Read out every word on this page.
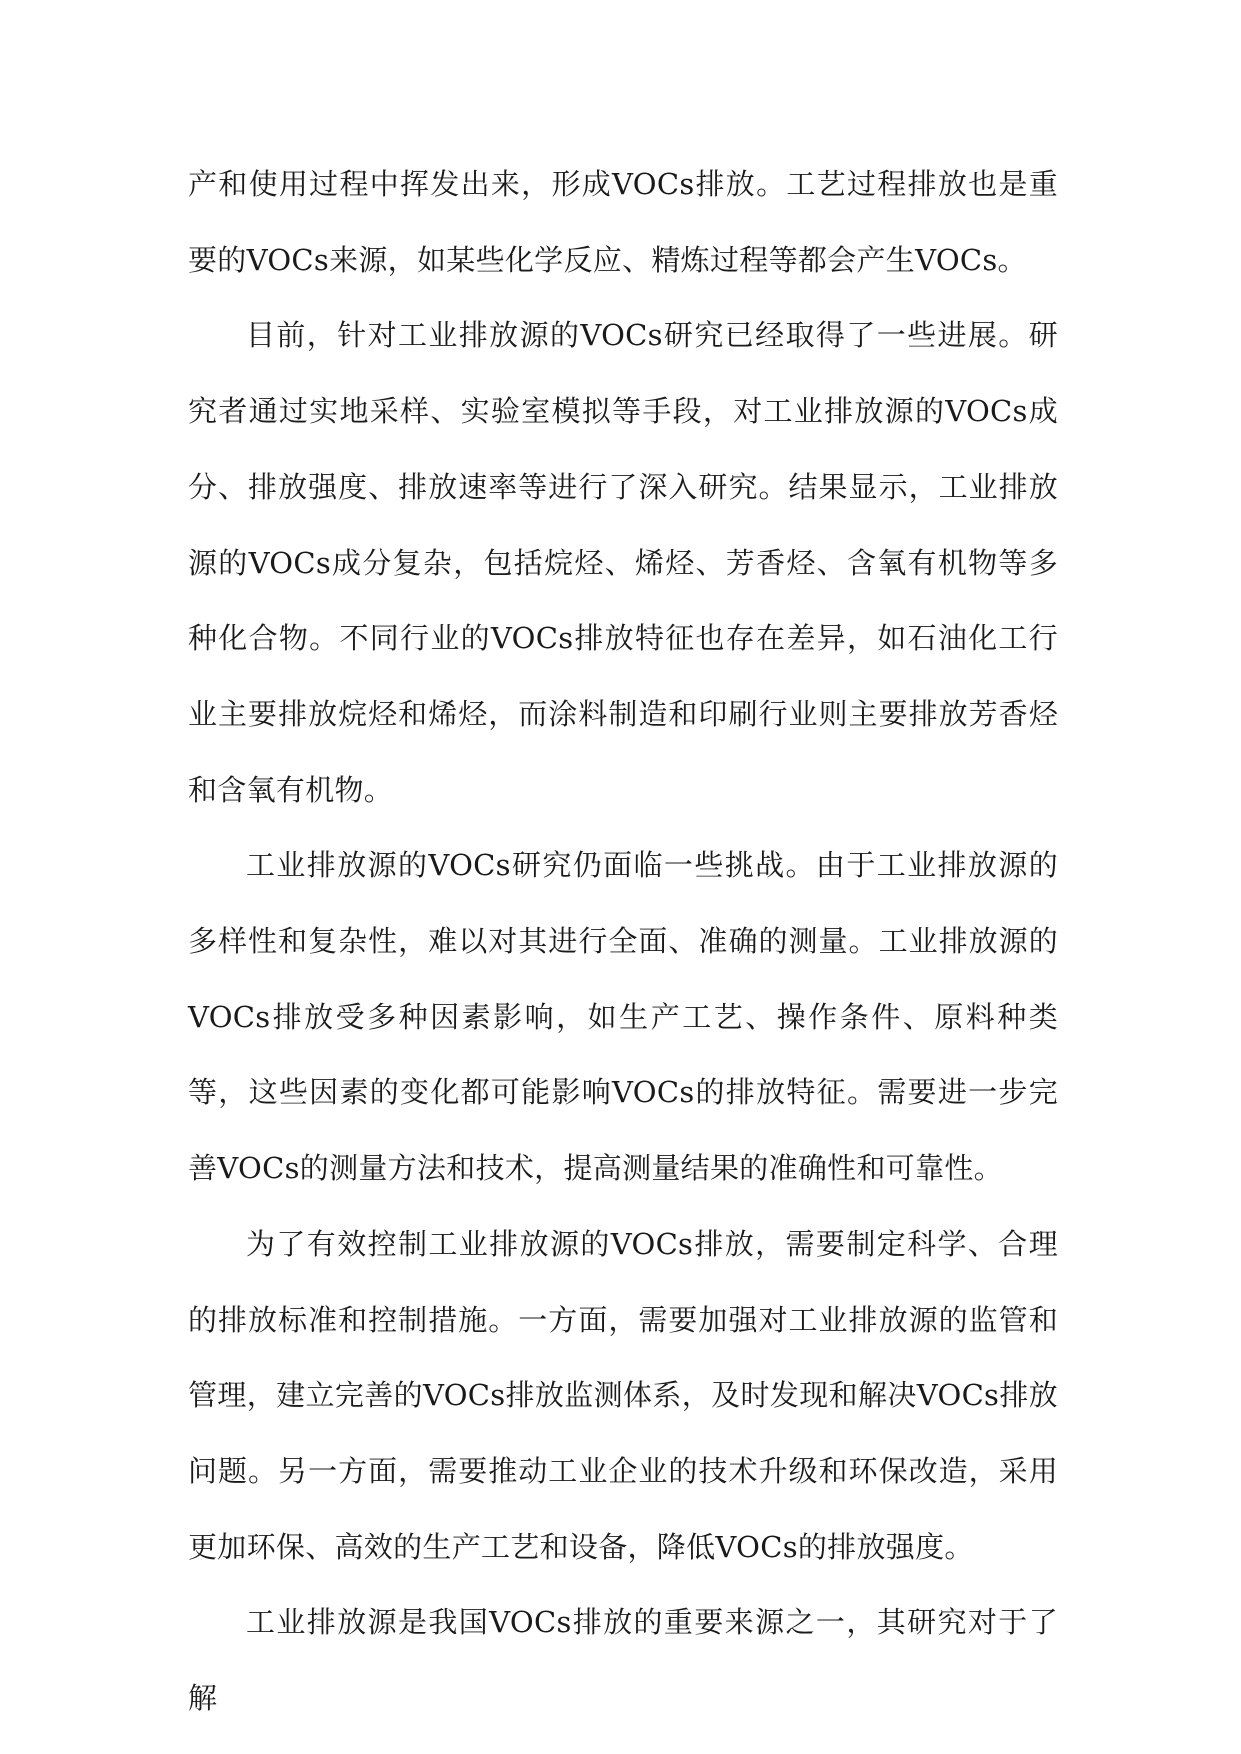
产和使用过程中挥发出来，形成VOCs排放。工艺过程排放也是重要的VOCs来源，如某些化学反应、精炼过程等都会产生VOCs。

目前，针对工业排放源的VOCs研究已经取得了一些进展。研究者通过实地采样、实验室模拟等手段，对工业排放源的VOCs成分、排放强度、排放速率等进行了深入研究。结果显示，工业排放源的VOCs成分复杂，包括烷烃、烯烃、芳香烃、含氧有机物等多种化合物。不同行业的VOCs排放特征也存在差异，如石油化工行业主要排放烷烃和烯烃，而涂料制造和印刷行业则主要排放芳香烃和含氧有机物。

工业排放源的VOCs研究仍面临一些挑战。由于工业排放源的多样性和复杂性，难以对其进行全面、准确的测量。工业排放源的VOCs排放受多种因素影响，如生产工艺、操作条件、原料种类等，这些因素的变化都可能影响VOCs的排放特征。需要进一步完善VOCs的测量方法和技术，提高测量结果的准确性和可靠性。

为了有效控制工业排放源的VOCs排放，需要制定科学、合理的排放标准和控制措施。一方面，需要加强对工业排放源的监管和管理，建立完善的VOCs排放监测体系，及时发现和解决VOCs排放问题。另一方面，需要推动工业企业的技术升级和环保改造，采用更加环保、高效的生产工艺和设备，降低VOCs的排放强度。

工业排放源是我国VOCs排放的重要来源之一，其研究对于了解
